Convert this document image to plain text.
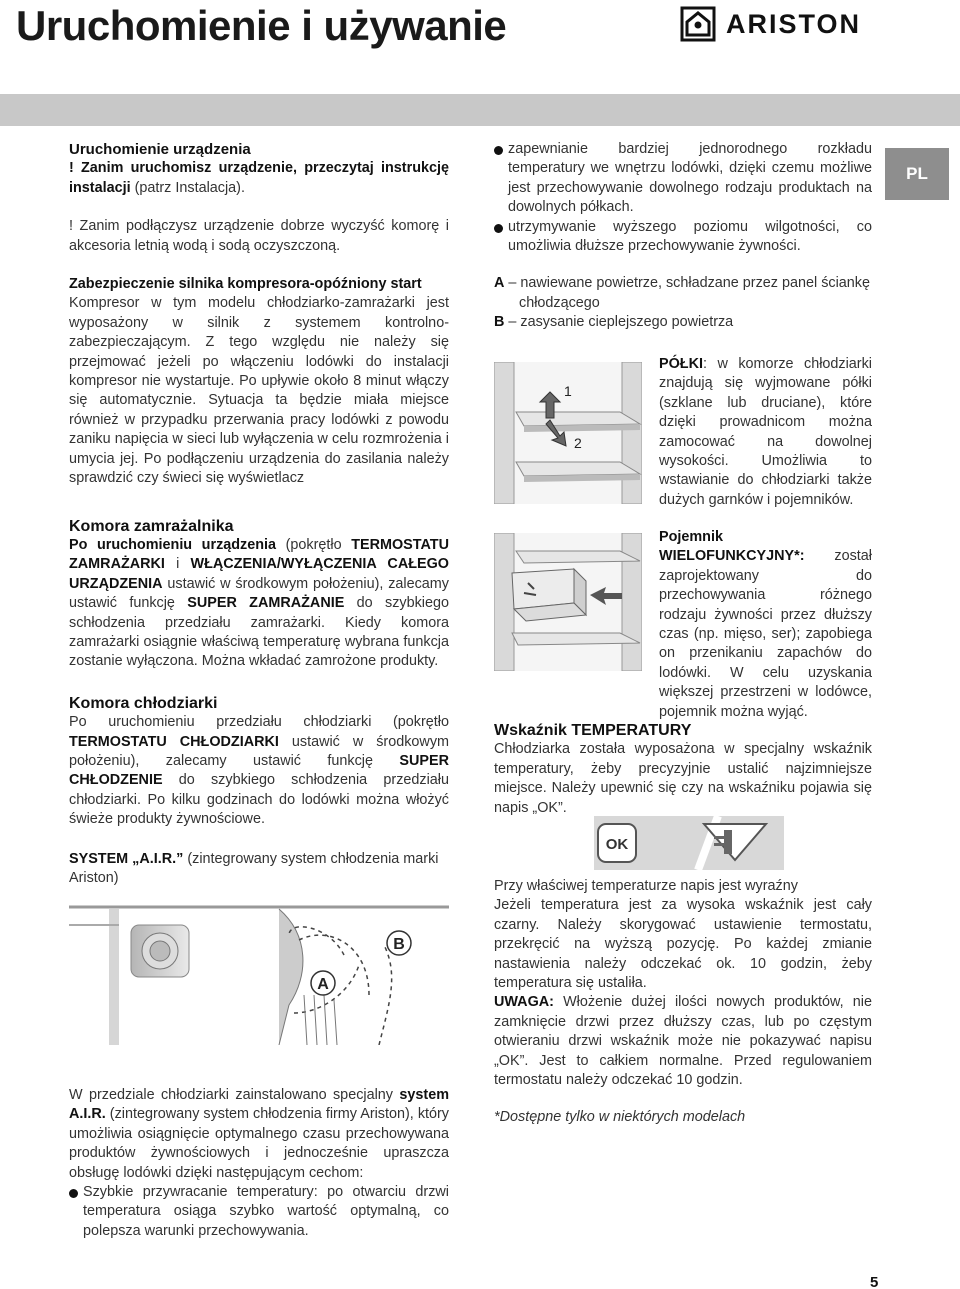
Uruchomienie i używanie	ARISTON
PL

Uruchomienie urządzenia

! Zanim uruchomisz urządzenie, przeczytaj instrukcję instalacji (patrz Instalacja).

! Zanim podłączysz urządzenie dobrze wyczyść komorę i akcesoria letnią wodą i sodą oczyszczoną.

Zabezpieczenie silnika kompresora-opóźniony start

Kompresor w tym modelu chłodziarko-zamrażarki jest wyposażony w silnik z systemem kontrolno-zabezpieczającym. Z tego względu nie należy się przejmować jeżeli po włączeniu lodówki do instalacji kompresor nie wystartuje. Po upływie około 8 minut włączy się automatycznie. Sytuacja ta będzie miała miejsce również w przypadku przerwania pracy lodówki z powodu zaniku napięcia w sieci lub wyłączenia w celu rozmrożenia i umycia jej. Po podłączeniu urządzenia do zasilania należy sprawdzić czy świeci się wyświetlacz

Komora zamrażalnika

Po uruchomieniu urządzenia (pokrętło TERMOSTATU ZAMRAŻARKI i WŁĄCZENIA/WYŁĄCZENIA CAŁEGO URZĄDZENIA ustawić w środkowym położeniu), zalecamy ustawić funkcję SUPER ZAMRAŻANIE do szybkiego schłodzenia przedziału zamrażarki. Kiedy komora zamrażarki osiągnie właściwą temperaturę wybrana funkcja zostanie wyłączona. Można wkładać zamrożone produkty.

Komora chłodziarki

Po uruchomieniu przedziału chłodziarki (pokrętło TERMOSTATU CHŁODZIARKI ustawić w środkowym położeniu), zalecamy ustawić funkcję SUPER CHŁODZENIE do szybkiego schłodzenia przedziału chłodziarki. Po kilku godzinach do lodówki można włożyć świeże produkty żywnościowe.

SYSTEM „A.I.R.” (zintegrowany system chłodzenia marki Ariston)

A
B

W przedziale chłodziarki zainstalowano specjalny system A.I.R. (zintegrowany system chłodzenia firmy Ariston), który umożliwia osiągnięcie optymalnego czasu przechowywana produktów żywnościowych i jednocześnie upraszcza obsługę lodówki dzięki następującym cechom:

Szybkie przywracanie temperatury: po otwarciu drzwi temperatura osiąga szybko wartość optymalną, co polepsza warunki przechowywania.

zapewnianie bardziej jednorodnego rozkładu temperatury we wnętrzu lodówki, dzięki czemu możliwe jest przechowywanie dowolnego rodzaju produktach na dowolnych półkach.

utrzymywanie wyższego poziomu wilgotności, co umożliwia dłuższe przechowywanie żywności.

A – nawiewane powietrze, schładzane przez panel ściankę chłodzącego

B – zasysanie cieplejszego powietrza

1
2

PÓŁKI: w komorze chłodziarki znajdują się wyjmowane półki (szklane lub druciane), które dzięki prowadnicom można zamocować na dowolnej wysokości. Umożliwia to wstawianie do chłodziarki także dużych garnków i pojemników.

Pojemnik WIELOFUNKCYJNY*: został zaprojektowany do przechowywania różnego rodzaju żywności przez dłuższy czas (np. mięso, ser); zapobiega on przenikaniu zapachów do lodówki. W celu uzyskania większej przestrzeni w lodówce, pojemnik można wyjąć.

Wskaźnik TEMPERATURY

Chłodziarka została wyposażona w specjalny wskaźnik temperatury, żeby precyzyjnie ustalić najzimniejsze miejsce. Należy upewnić się czy na wskaźniku pojawia się napis „OK”.

OK

Przy właściwej temperaturze napis jest wyraźny

Jeżeli temperatura jest za wysoka wskaźnik jest cały czarny. Należy skorygować ustawienie termostatu, przekręcić na wyższą pozycję. Po każdej zmianie nastawienia należy odczekać ok. 10 godzin, żeby temperatura się ustaliła.

UWAGA: Włożenie dużej ilości nowych produktów, nie zamknięcie drzwi przez dłuższy czas, lub po częstym otwieraniu drzwi wskaźnik może nie pokazywać napisu „OK”. Jest to całkiem normalne. Przed regulowaniem termostatu należy odczekać 10 godzin.

*Dostępne tylko w niektórych modelach

5
